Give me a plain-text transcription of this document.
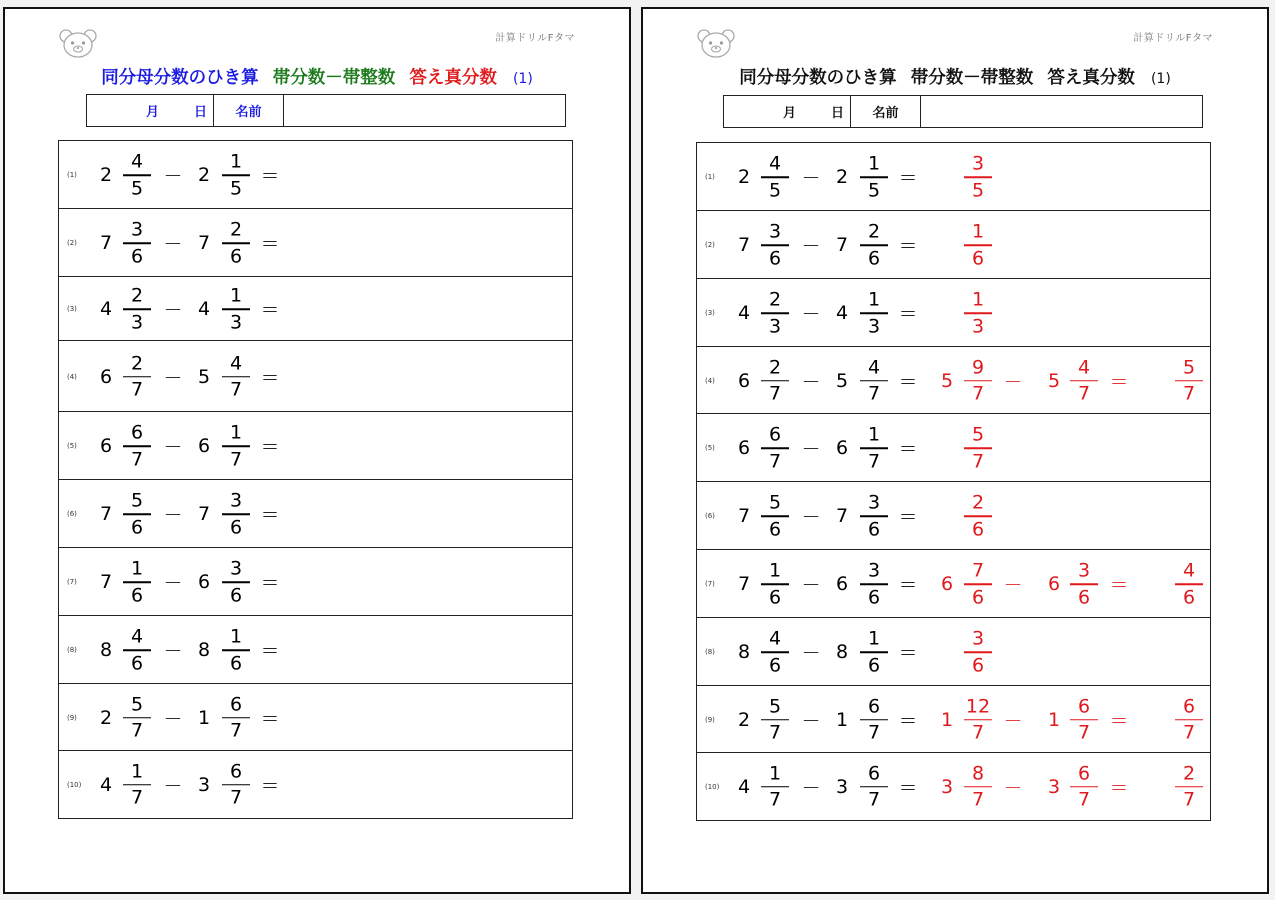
計算ドリルFタマ
同分母分数のひき算 帯分数－帯整数 答え真分数 (1)
月	日	名前
(1) 2
4
5
－ 2
1
5
＝
(2) 7
3
6
－ 7
2
6
＝
(3) 4
2
3
－ 4
1
3
＝
(4) 6
2
7
－ 5
4
7
＝
(5) 6
6
7
－ 6
1
7
＝
(6) 7
5
6
－ 7
3
6
＝
(7) 7
1
6
－ 6
3
6
＝
(8) 8
4
6
－ 8
1
6
＝
(9) 2
5
7
－ 1
6
7
＝
(10) 4
1
7
－ 3
6
7
＝
計算ドリルFタマ
同分母分数のひき算 帯分数－帯整数 答え真分数 (1)
月	日	名前
(1) 2
4
5
－ 2
1
5
＝
3
5
(2) 7
3
6
－ 7
2
6
＝
1
6
(3) 4
2
3
－ 4
1
3
＝
1
3
(4) 6
2
7
－ 5
4
7
＝ 5
9
7
－ 5
4
7
＝
5
7
(5) 6
6
7
－ 6
1
7
＝
5
7
(6) 7
5
6
－ 7
3
6
＝
2
6
(7) 7
1
6
－ 6
3
6
＝ 6
7
6
－ 6
3
6
＝
4
6
(8) 8
4
6
－ 8
1
6
＝
3
6
(9) 2
5
7
－ 1
6
7
＝ 1
12
7
－ 1
6
7
＝
6
7
(10) 4
1
7
－ 3
6
7
＝ 3
8
7
－ 3
6
7
＝
2
7
